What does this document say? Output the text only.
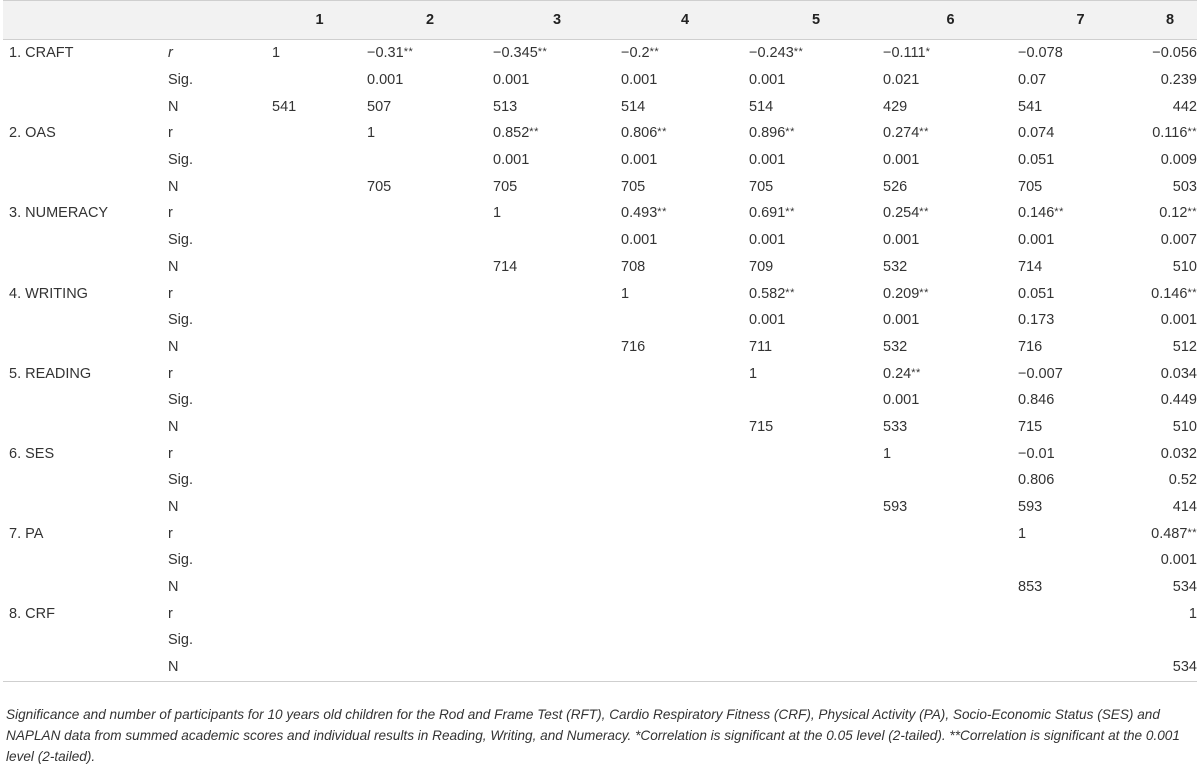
		1	2	3	4	5	6	7	8
1. CRAFT	r	1	−0.31**	−0.345**	−0.2**	−0.243**	−0.111*	−0.078	−0.056
	Sig.		0.001	0.001	0.001	0.001	0.021	0.07	0.239
	N	541	507	513	514	514	429	541	442
2. OAS	r		1	0.852**	0.806**	0.896**	0.274**	0.074	0.116**
	Sig.			0.001	0.001	0.001	0.001	0.051	0.009
	N		705	705	705	705	526	705	503
3. NUMERACY	r			1	0.493**	0.691**	0.254**	0.146**	0.12**
	Sig.				0.001	0.001	0.001	0.001	0.007
	N			714	708	709	532	714	510
4. WRITING	r				1	0.582**	0.209**	0.051	0.146**
	Sig.					0.001	0.001	0.173	0.001
	N				716	711	532	716	512
5. READING	r					1	0.24**	−0.007	0.034
	Sig.						0.001	0.846	0.449
	N					715	533	715	510
6. SES	r						1	−0.01	0.032
	Sig.							0.806	0.52
	N						593	593	414
7. PA	r							1	0.487**
	Sig.								0.001
	N							853	534
8. CRF	r								1
	Sig.								
	N								534
Significance and number of participants for 10 years old children for the Rod and Frame Test (RFT), Cardio Respiratory Fitness (CRF), Physical Activity (PA), Socio-Economic Status (SES) and NAPLAN data from summed academic scores and individual results in Reading, Writing, and Numeracy. *Correlation is significant at the 0.05 level (2-tailed). **Correlation is significant at the 0.001 level (2-tailed).
